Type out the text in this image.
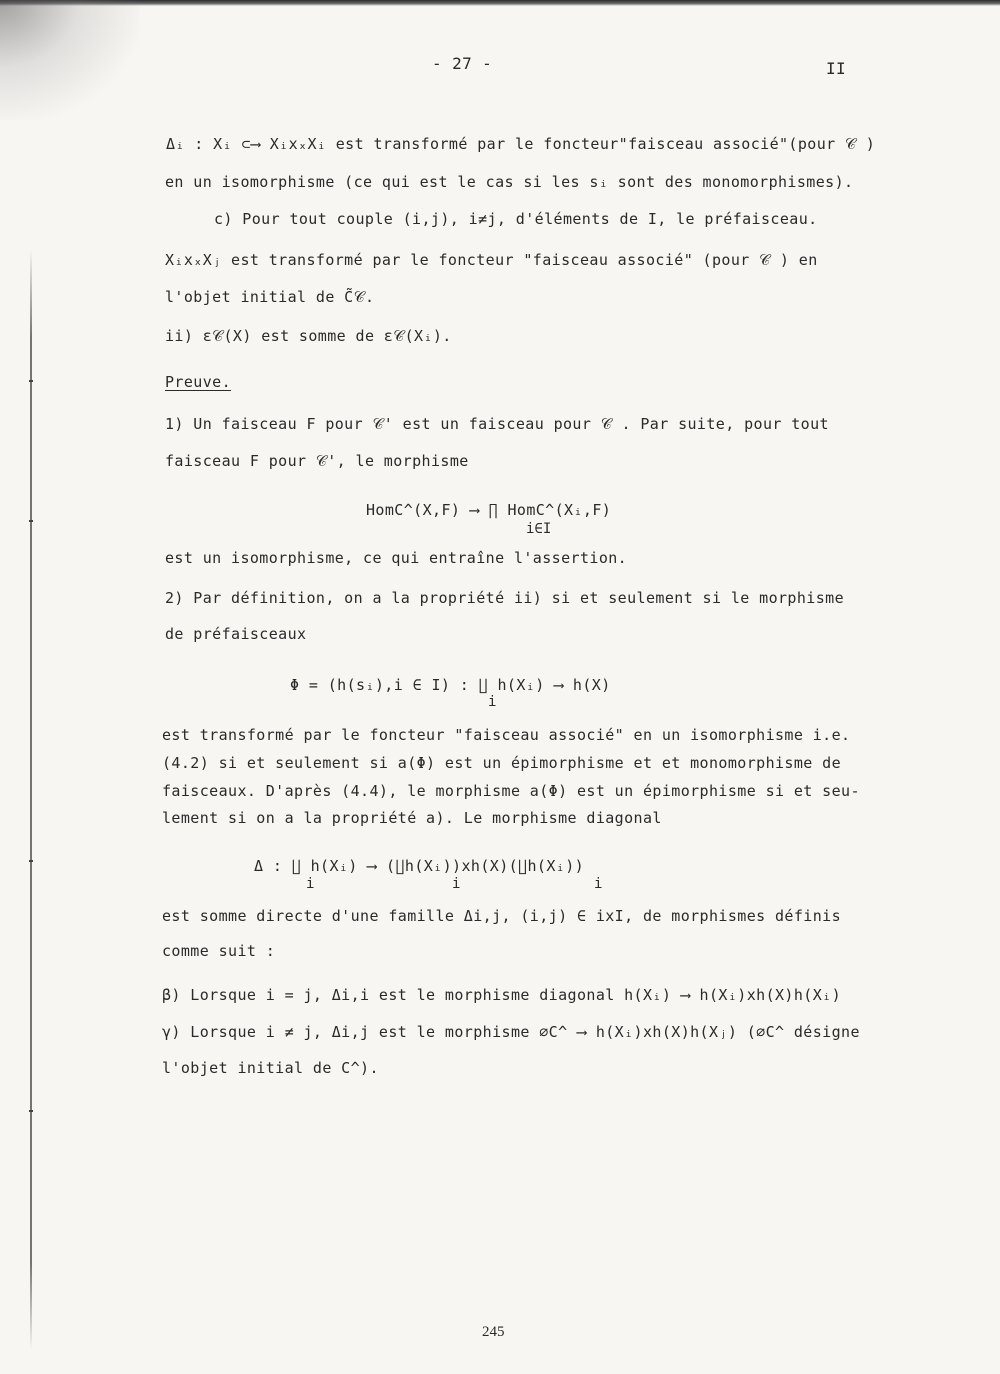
- 27 -	II
Δᵢ : Xᵢ ⊂⟶ XᵢxₓXᵢ est transformé par le foncteur"faisceau associé"(pour 𝒞 )
en un isomorphisme (ce qui est le cas si les sᵢ sont des monomorphismes).
c) Pour tout couple (i,j), i≠j, d'éléments de I, le préfaisceau.
XᵢxₓXⱼ est transformé par le foncteur "faisceau associé" (pour 𝒞 ) en
l'objet initial de C̃𝒞.
ii) ε𝒞(X) est somme de ε𝒞(Xᵢ).
Preuve.
1) Un faisceau F pour 𝒞' est un faisceau pour 𝒞 . Par suite, pour tout
faisceau F pour 𝒞', le morphisme
HomC^(X,F) ⟶ ∏ HomC^(Xᵢ,F)
i∈I
est un isomorphisme, ce qui entraîne l'assertion.
2) Par définition, on a la propriété ii) si et seulement si le morphisme
de préfaisceaux
Φ = (h(sᵢ),i ∈ I) : ∐ h(Xᵢ) ⟶ h(X)
i
est transformé par le foncteur "faisceau associé" en un isomorphisme i.e.
(4.2) si et seulement si a(Φ) est un épimorphisme et et monomorphisme de
faisceaux. D'après (4.4), le morphisme a(Φ) est un épimorphisme si et seu-
lement si on a la propriété a). Le morphisme diagonal
Δ : ∐ h(Xᵢ) ⟶ (∐h(Xᵢ))xh(X)(∐h(Xᵢ))
i	i	i
est somme directe d'une famille Δi,j, (i,j) ∈ ixI, de morphismes définis
comme suit :
β) Lorsque i = j, Δi,i est le morphisme diagonal h(Xᵢ) ⟶ h(Xᵢ)xh(X)h(Xᵢ)
γ) Lorsque i ≠ j, Δi,j est le morphisme ∅C^ ⟶ h(Xᵢ)xh(X)h(Xⱼ) (∅C^ désigne
l'objet initial de C^).
245
